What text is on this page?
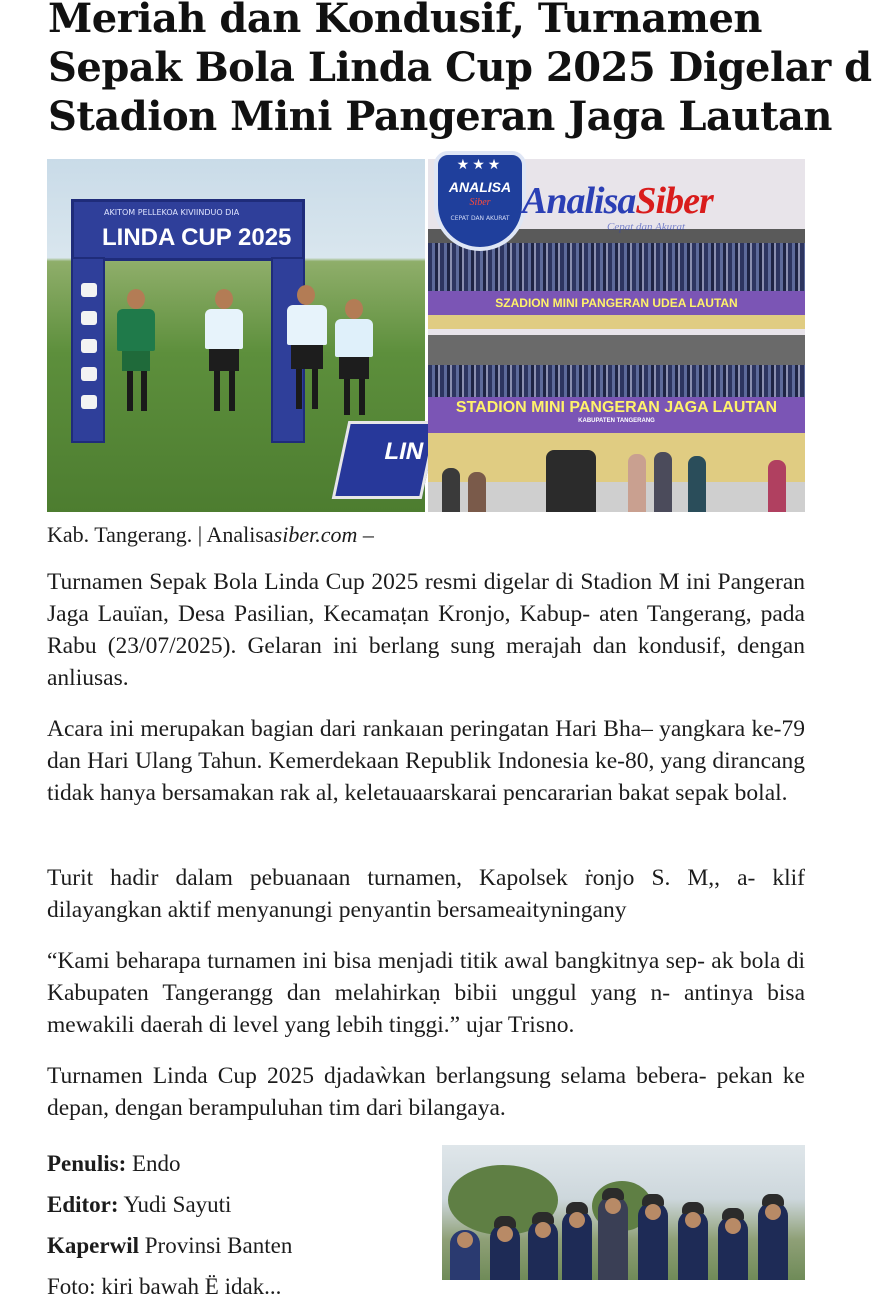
Meriah dan Kondusif, Turnamen
Sepak Bola Linda Cup 2025 Digelar d
Stadion Mini Pangeran Jaga Lautan
AKITOM PELLEKOA KIVIINDUO DIA
LINDA CUP 2025
LIN
SZADION MINI PANGERAN UDEA LAUTAN
STADION MINI PANGERAN JAGA LAUTAN
KABUPATEN TANGERANG
★★★
ANALISA
Siber
CEPAT DAN AKURAT AnalisaSiber
Cepat dan Akurat
Kab. Tangerang. | Analisasiber.com –

Turnamen Sepak Bola Linda Cup 2025 resmi digelar di Stadion M ini Pangeran Jaga Lauïan, Desa Pasilian, Kecamaṭan Kronjo, Kabup- aten Tangerang, pada Rabu (23/07/2025). Gelaran ini berlang sung merajah dan kondusif, dengan anliusas.

Acara ini merupakan bagian dari rankaıan peringatan Hari Bha– yangkara ke-79 dan Hari Ulang Tahun. Kemerdekaan Republik Indonesia ke-80, yang dirancang tidak hanya bersamakan rak al, keletauaarskarai pencararian bakat sepak bolal.

Turit hadir dalam pebuanaan turnamen, Kapolsek ṙonjo S. M,, a- klif dilayangkan aktif menyanungi penyantin bersameaityningany

“Kami beharapa turnamen ini bisa menjadi titik awal bangkitnya sep- ak bola di Kabupaten Tangerangg dan melahirkaṇ bibii unggul yang n- antinya bisa mewakili daerah di level yang lebih tinggi.” ujar Trisno.

Turnamen Linda Cup 2025 djadaẁkan berlangsung selama bebera- pekan ke depan, dengan berampuluhan tim dari bilangaya.

Penulis: Endo
Editor: Yudi Sayuti
Kaperwil Provinsi Banten
Foto: kiri bawah Ë idak...
